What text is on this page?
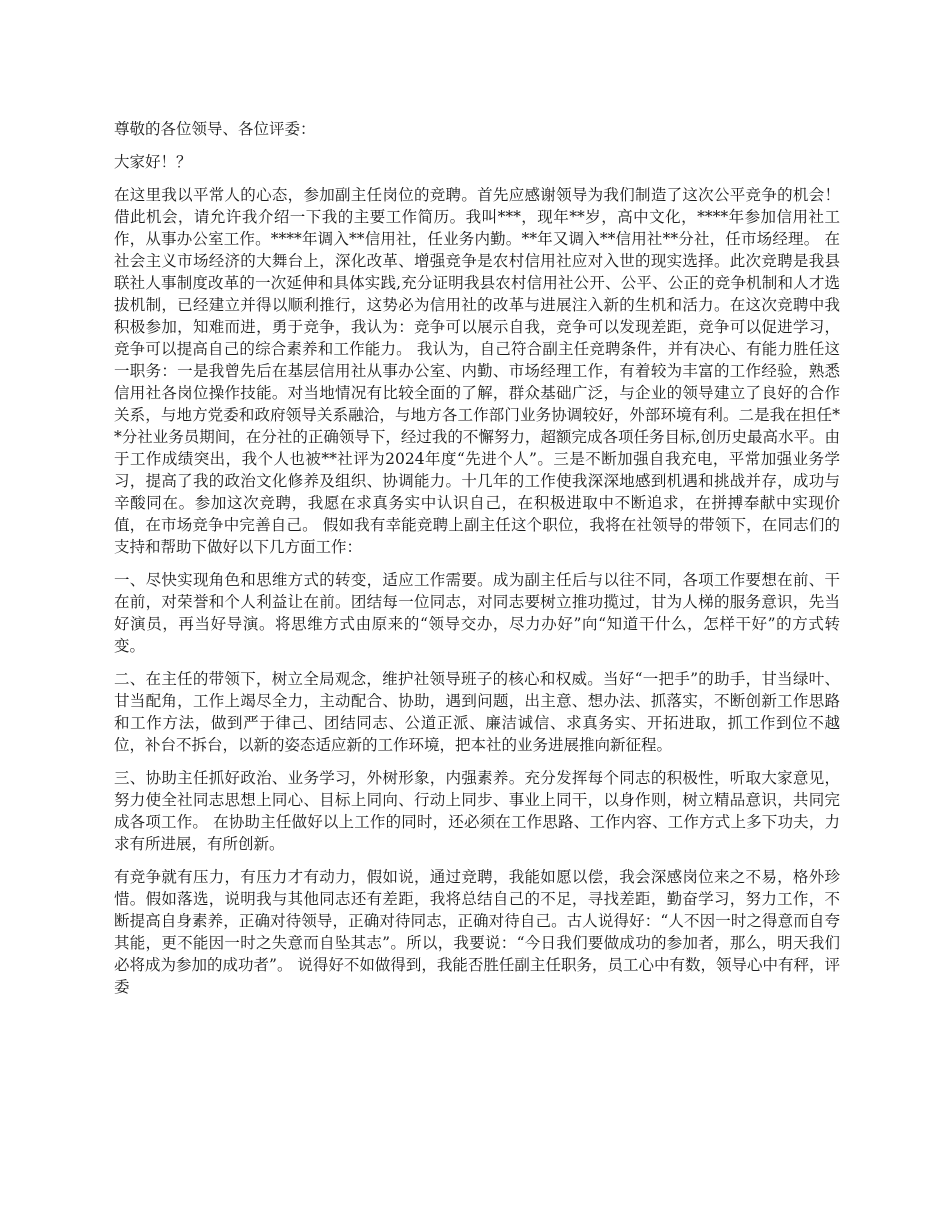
尊敬的各位领导、各位评委：

大家好！？

在这里我以平常人的心态，参加副主任岗位的竞聘。首先应感谢领导为我们制造了这次公平竞争的机会！借此机会，请允许我介绍一下我的主要工作简历。我叫***，现年**岁，高中文化，****年参加信用社工作，从事办公室工作。****年调入**信用社，任业务内勤。**年又调入**信用社**分社，任市场经理。 在社会主义市场经济的大舞台上，深化改革、增强竞争是农村信用社应对入世的现实选择。此次竞聘是我县联社人事制度改革的一次延伸和具体实践,充分证明我县农村信用社公开、公平、公正的竞争机制和人才选拔机制，已经建立并得以顺利推行，这势必为信用社的改革与进展注入新的生机和活力。在这次竞聘中我积极参加，知难而进，勇于竞争，我认为：竞争可以展示自我，竞争可以发现差距，竞争可以促进学习，竞争可以提高自己的综合素养和工作能力。 我认为，自己符合副主任竞聘条件，并有决心、有能力胜任这一职务：一是我曾先后在基层信用社从事办公室、内勤、市场经理工作，有着较为丰富的工作经验，熟悉信用社各岗位操作技能。对当地情况有比较全面的了解，群众基础广泛，与企业的领导建立了良好的合作关系，与地方党委和政府领导关系融洽，与地方各工作部门业务协调较好，外部环境有利。二是我在担任**分社业务员期间，在分社的正确领导下，经过我的不懈努力，超额完成各项任务目标,创历史最高水平。由于工作成绩突出，我个人也被**社评为2024年度“先进个人”。三是不断加强自我充电，平常加强业务学习，提高了我的政治文化修养及组织、协调能力。十几年的工作使我深深地感到机遇和挑战并存，成功与辛酸同在。参加这次竞聘，我愿在求真务实中认识自己，在积极进取中不断追求，在拼搏奉献中实现价值，在市场竞争中完善自己。 假如我有幸能竞聘上副主任这个职位，我将在社领导的带领下，在同志们的支持和帮助下做好以下几方面工作：

一、尽快实现角色和思维方式的转变，适应工作需要。成为副主任后与以往不同，各项工作要想在前、干在前，对荣誉和个人利益让在前。团结每一位同志，对同志要树立推功揽过，甘为人梯的服务意识，先当好演员，再当好导演。将思维方式由原来的“领导交办，尽力办好”向“知道干什么，怎样干好”的方式转变。

二、在主任的带领下，树立全局观念，维护社领导班子的核心和权威。当好“一把手”的助手，甘当绿叶、甘当配角，工作上竭尽全力，主动配合、协助，遇到问题，出主意、想办法、抓落实，不断创新工作思路和工作方法，做到严于律己、团结同志、公道正派、廉洁诚信、求真务实、开拓进取，抓工作到位不越位，补台不拆台，以新的姿态适应新的工作环境，把本社的业务进展推向新征程。

三、协助主任抓好政治、业务学习，外树形象，内强素养。充分发挥每个同志的积极性，听取大家意见，努力使全社同志思想上同心、目标上同向、行动上同步、事业上同干，以身作则，树立精品意识，共同完成各项工作。 在协助主任做好以上工作的同时，还必须在工作思路、工作内容、工作方式上多下功夫，力求有所进展，有所创新。

有竞争就有压力，有压力才有动力，假如说，通过竞聘，我能如愿以偿，我会深感岗位来之不易，格外珍惜。假如落选，说明我与其他同志还有差距，我将总结自己的不足，寻找差距，勤奋学习，努力工作，不断提高自身素养，正确对待领导，正确对待同志，正确对待自己。古人说得好：“人不因一时之得意而自夸其能，更不能因一时之失意而自坠其志”。所以，我要说：“今日我们要做成功的参加者，那么，明天我们必将成为参加的成功者”。 说得好不如做得到，我能否胜任副主任职务，员工心中有数，领导心中有秤，评委
